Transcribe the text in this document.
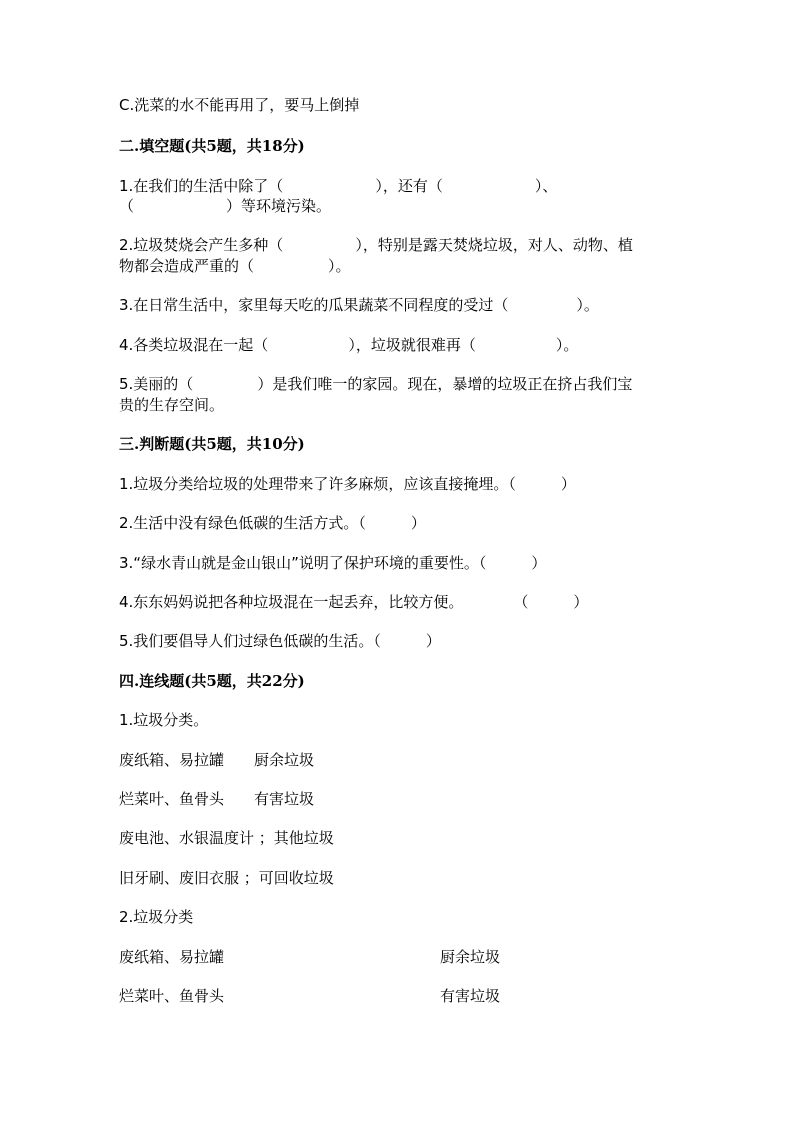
C.洗菜的水不能再用了，要马上倒掉

二.填空题(共5题，共18分)

1.在我们的生活中除了（	），还有（	）、

（	）等环境污染。

2.垃圾焚烧会产生多种（	），特别是露天焚烧垃圾，对人、动物、植

物都会造成严重的（	）。

3.在日常生活中，家里每天吃的瓜果蔬菜不同程度的受过（	）。

4.各类垃圾混在一起（	），垃圾就很难再（	）。

5.美丽的（	）是我们唯一的家园。现在，暴增的垃圾正在挤占我们宝

贵的生存空间。

三.判断题(共5题，共10分)

1.垃圾分类给垃圾的处理带来了许多麻烦，应该直接掩埋。（　　　）

2.生活中没有绿色低碳的生活方式。（　　　）

3.“绿水青山就是金山银山”说明了保护环境的重要性。（　　　）

4.东东妈妈说把各种垃圾混在一起丢弃，比较方便。	（　　　）

5.我们要倡导人们过绿色低碳的生活。（　　　）

四.连线题(共5题，共22分)

1.垃圾分类。

废纸箱、易拉罐　　厨余垃圾

烂菜叶、鱼骨头　　有害垃圾

废电池、水银温度计 ；其他垃圾

旧牙刷、废旧衣服 ；可回收垃圾

2.垃圾分类

废纸箱、易拉罐	厨余垃圾

烂菜叶、鱼骨头	有害垃圾
